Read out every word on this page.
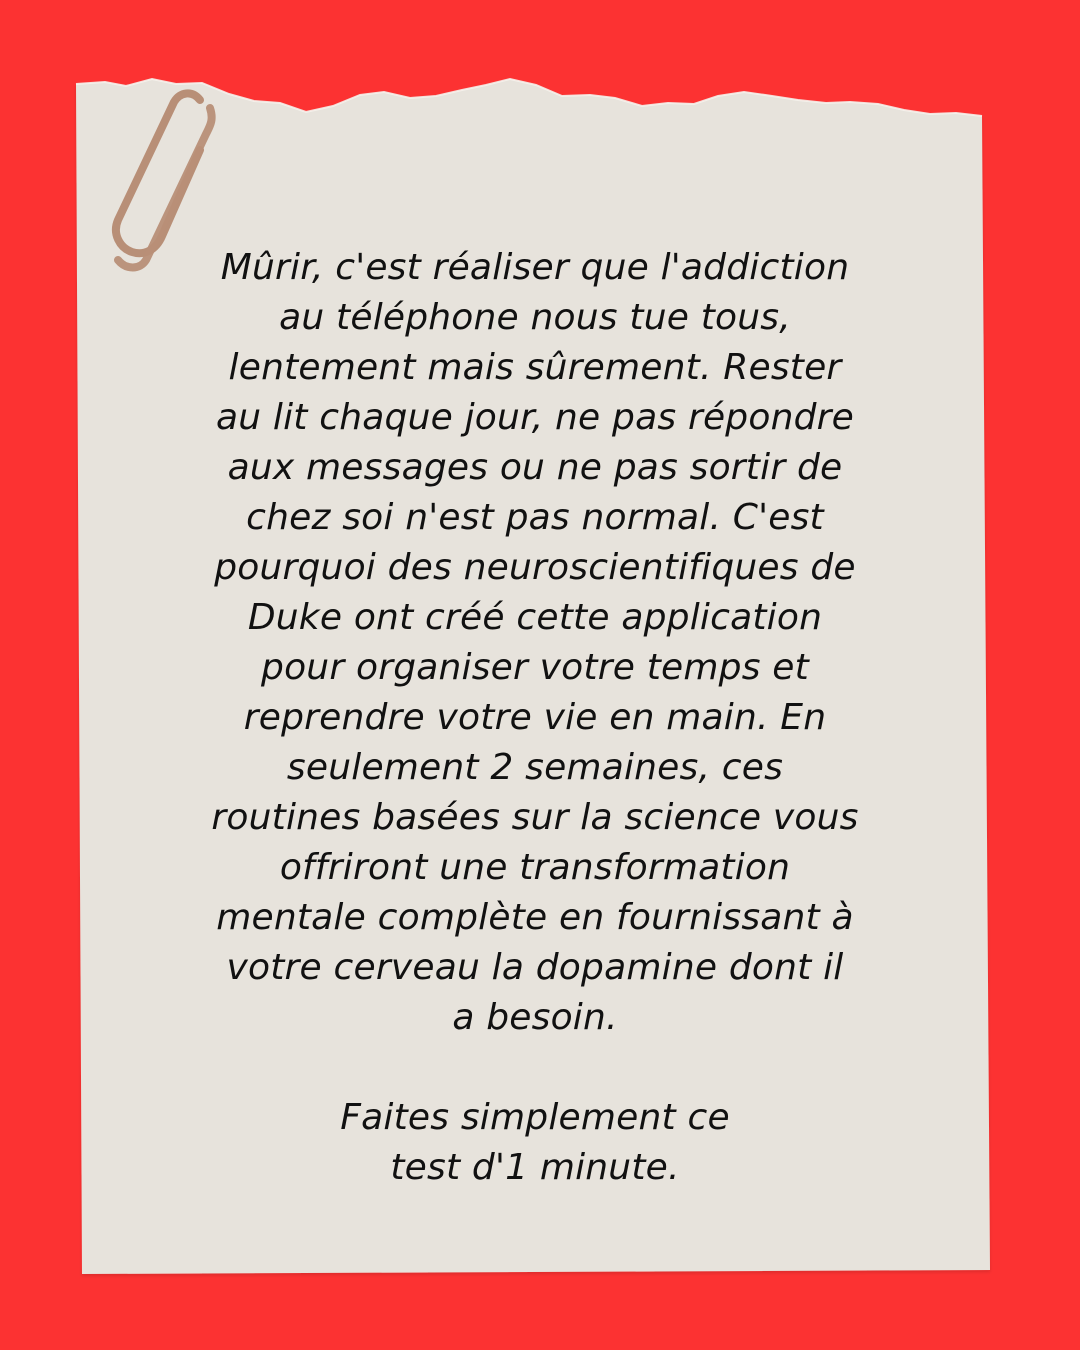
Mûrir, c'est réaliser que l'addiction
au téléphone nous tue tous,
lentement mais sûrement. Rester
au lit chaque jour, ne pas répondre
aux messages ou ne pas sortir de
chez soi n'est pas normal. C'est
pourquoi des neuroscientifiques de
Duke ont créé cette application
pour organiser votre temps et
reprendre votre vie en main. En
seulement 2 semaines, ces
routines basées sur la science vous
offriront une transformation
mentale complète en fournissant à
votre cerveau la dopamine dont il
a besoin.

Faites simplement ce
test d'1 minute.
